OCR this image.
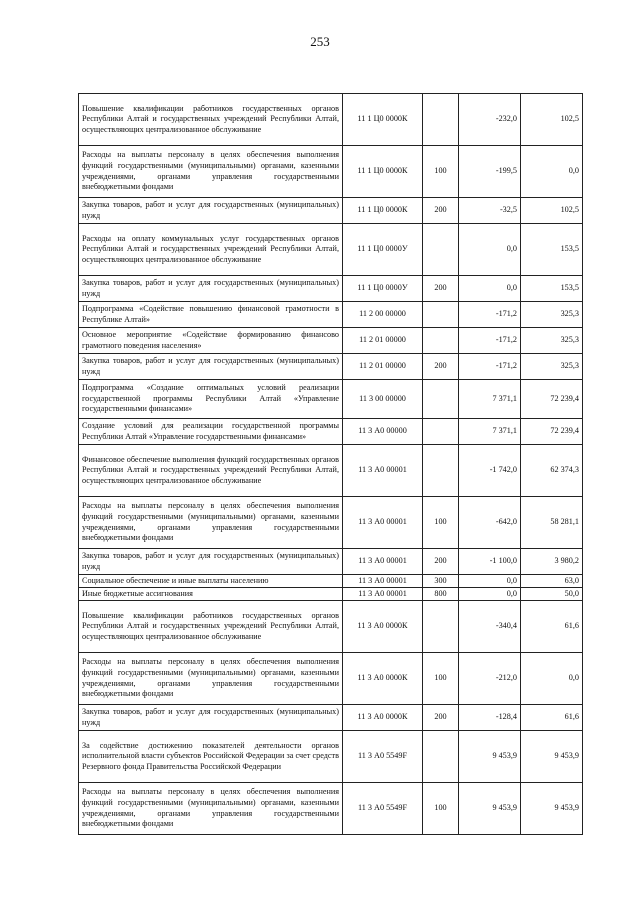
253
Повышение квалификации работников государственных органов Республики Алтай и государственных учреждений Республики Алтай, осуществляющих централизованное обслуживание	11 1 Ц0 0000К		-232,0	102,5
Расходы на выплаты персоналу в целях обеспечения выполнения функций государственными (муниципальными) органами, казенными учреждениями, органами управления государственными внебюджетными фондами	11 1 Ц0 0000К	100	-199,5	0,0
Закупка товаров, работ и услуг для государственных (муниципальных) нужд	11 1 Ц0 0000К	200	-32,5	102,5
Расходы на оплату коммунальных услуг государственных органов Республики Алтай и государственных учреждений Республики Алтай, осуществляющих централизованное обслуживание	11 1 Ц0 0000У		0,0	153,5
Закупка товаров, работ и услуг для государственных (муниципальных) нужд	11 1 Ц0 0000У	200	0,0	153,5
Подпрограмма «Содействие повышению финансовой грамотности в Республике Алтай»	11 2 00 00000		-171,2	325,3
Основное мероприятие «Содействие формированию финансово грамотного поведения населения»	11 2 01 00000		-171,2	325,3
Закупка товаров, работ и услуг для государственных (муниципальных) нужд	11 2 01 00000	200	-171,2	325,3
Подпрограмма «Создание оптимальных условий реализации государственной программы Республики Алтай «Управление государственными финансами»	11 3 00 00000		7 371,1	72 239,4
Создание условий для реализации государственной программы Республики Алтай «Управление государственными финансами»	11 3 А0 00000		7 371,1	72 239,4
Финансовое обеспечение выполнения функций государственных органов Республики Алтай и государственных учреждений Республики Алтай, осуществляющих централизованное обслуживание	11 3 А0 00001		-1 742,0	62 374,3
Расходы на выплаты персоналу в целях обеспечения выполнения функций государственными (муниципальными) органами, казенными учреждениями, органами управления государственными внебюджетными фондами	11 3 А0 00001	100	-642,0	58 281,1
Закупка товаров, работ и услуг для государственных (муниципальных) нужд	11 3 А0 00001	200	-1 100,0	3 980,2
Социальное обеспечение и иные выплаты населению	11 3 А0 00001	300	0,0	63,0
Иные бюджетные ассигнования	11 3 А0 00001	800	0,0	50,0
Повышение квалификации работников государственных органов Республики Алтай и государственных учреждений Республики Алтай, осуществляющих централизованное обслуживание	11 3 А0 0000К		-340,4	61,6
Расходы на выплаты персоналу в целях обеспечения выполнения функций государственными (муниципальными) органами, казенными учреждениями, органами управления государственными внебюджетными фондами	11 3 А0 0000К	100	-212,0	0,0
Закупка товаров, работ и услуг для государственных (муниципальных) нужд	11 3 А0 0000К	200	-128,4	61,6
За содействие достижению показателей деятельности органов исполнительной власти субъектов Российской Федерации за счет средств Резервного фонда Правительства Российской Федерации	11 3 А0 5549F		9 453,9	9 453,9
Расходы на выплаты персоналу в целях обеспечения выполнения функций государственными (муниципальными) органами, казенными учреждениями, органами управления государственными внебюджетными фондами	11 3 А0 5549F	100	9 453,9	9 453,9
